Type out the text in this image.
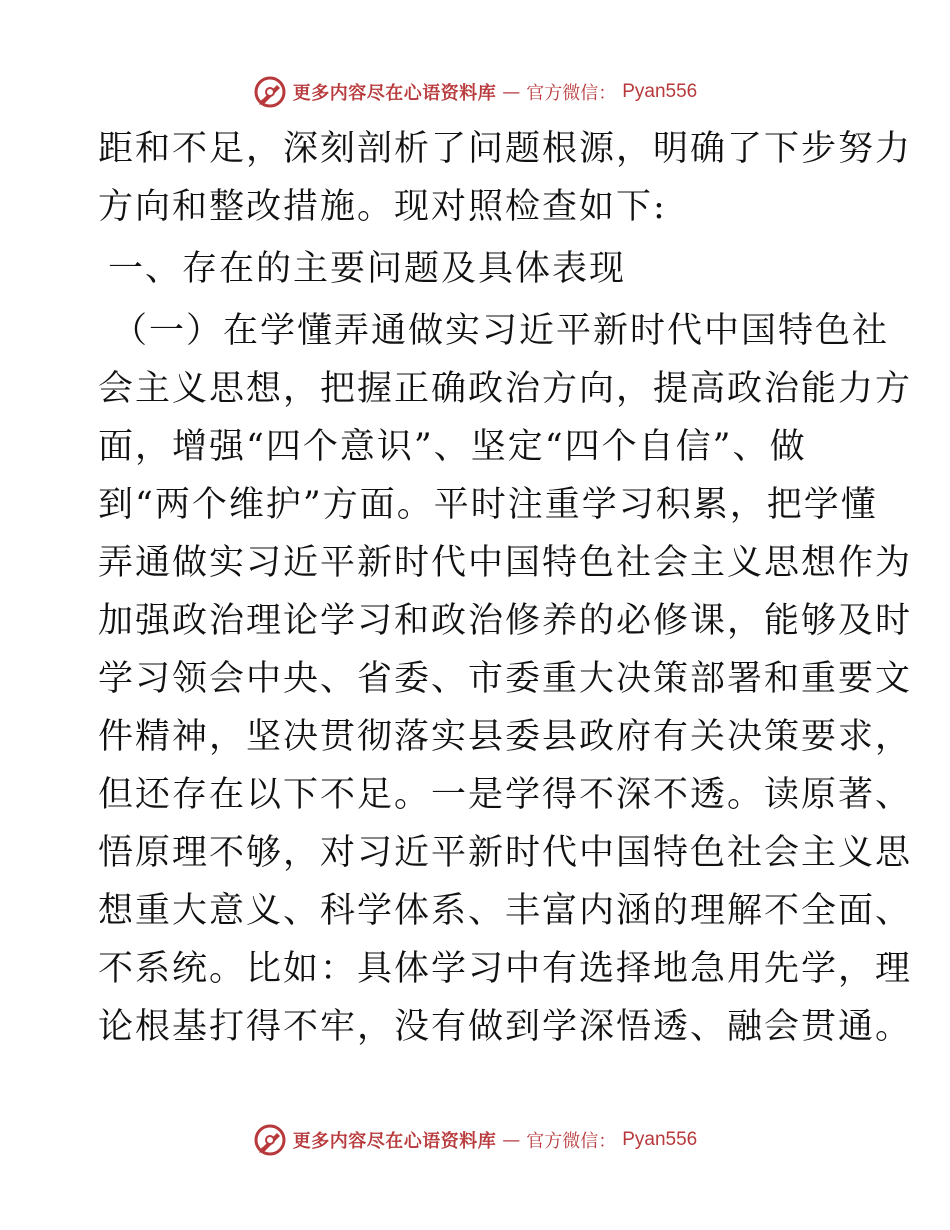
更多内容尽在心语资料库 — 官方微信： Pyan556
距和不足，深刻剖析了问题根源，明确了下步努力
方向和整改措施。现对照检查如下:
一、存在的主要问题及具体表现
（一）在学懂弄通做实习近平新时代中国特色社
会主义思想，把握正确政治方向，提高政治能力方
面，增强“四个意识”、坚定“四个自信”、做
到“两个维护”方面。平时注重学习积累，把学懂
弄通做实习近平新时代中国特色社会主义思想作为
加强政治理论学习和政治修养的必修课，能够及时
学习领会中央、省委、市委重大决策部署和重要文
件精神，坚决贯彻落实县委县政府有关决策要求，
但还存在以下不足。一是学得不深不透。读原著、
悟原理不够，对习近平新时代中国特色社会主义思
想重大意义、科学体系、丰富内涵的理解不全面、
不系统。比如：具体学习中有选择地急用先学，理
论根基打得不牢，没有做到学深悟透、融会贯通。
更多内容尽在心语资料库 — 官方微信： Pyan556
